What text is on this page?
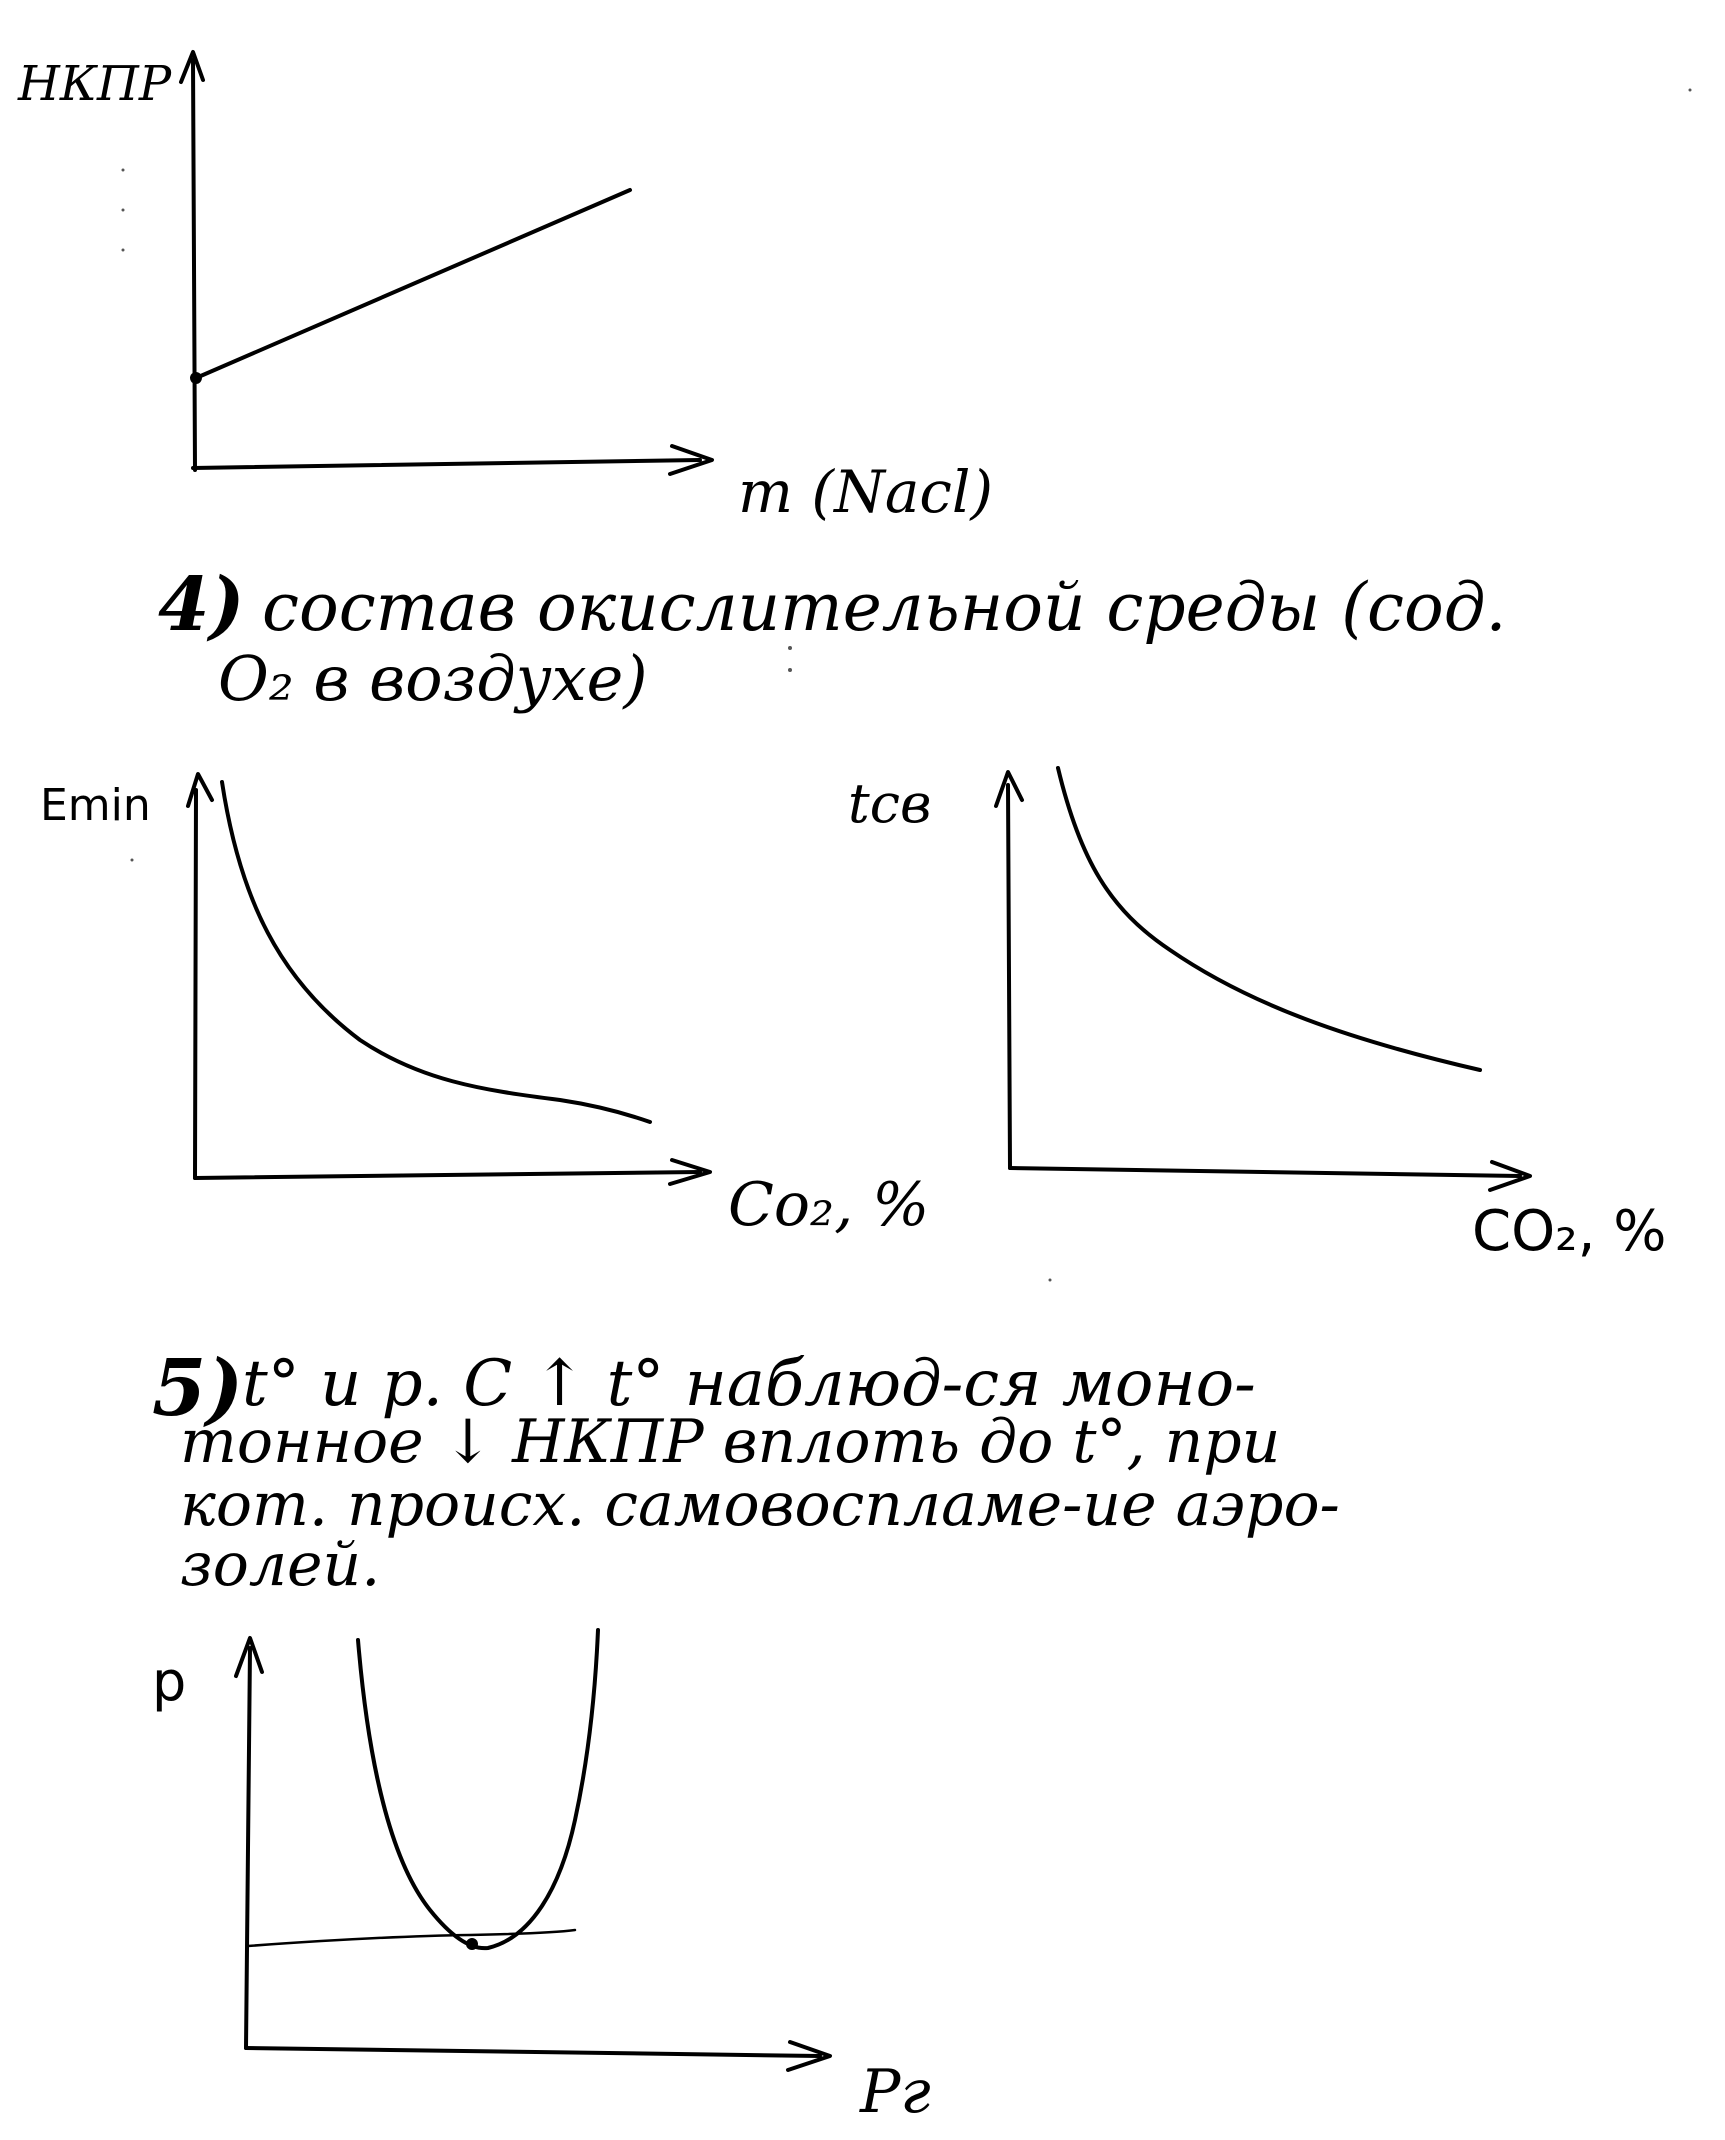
НКПР
m (Nacl)
4) состав окислительной среды (сод.
O₂ в воздухе)
Emin
Co₂, %
tсв
CO₂, %
5)
t° и p. С ↑ t° наблюд-ся моно-
тонное ↓ НКПР вплоть до t°, при
кот. происх. самовоспламе-ие аэро-
золей.
p
Pг
